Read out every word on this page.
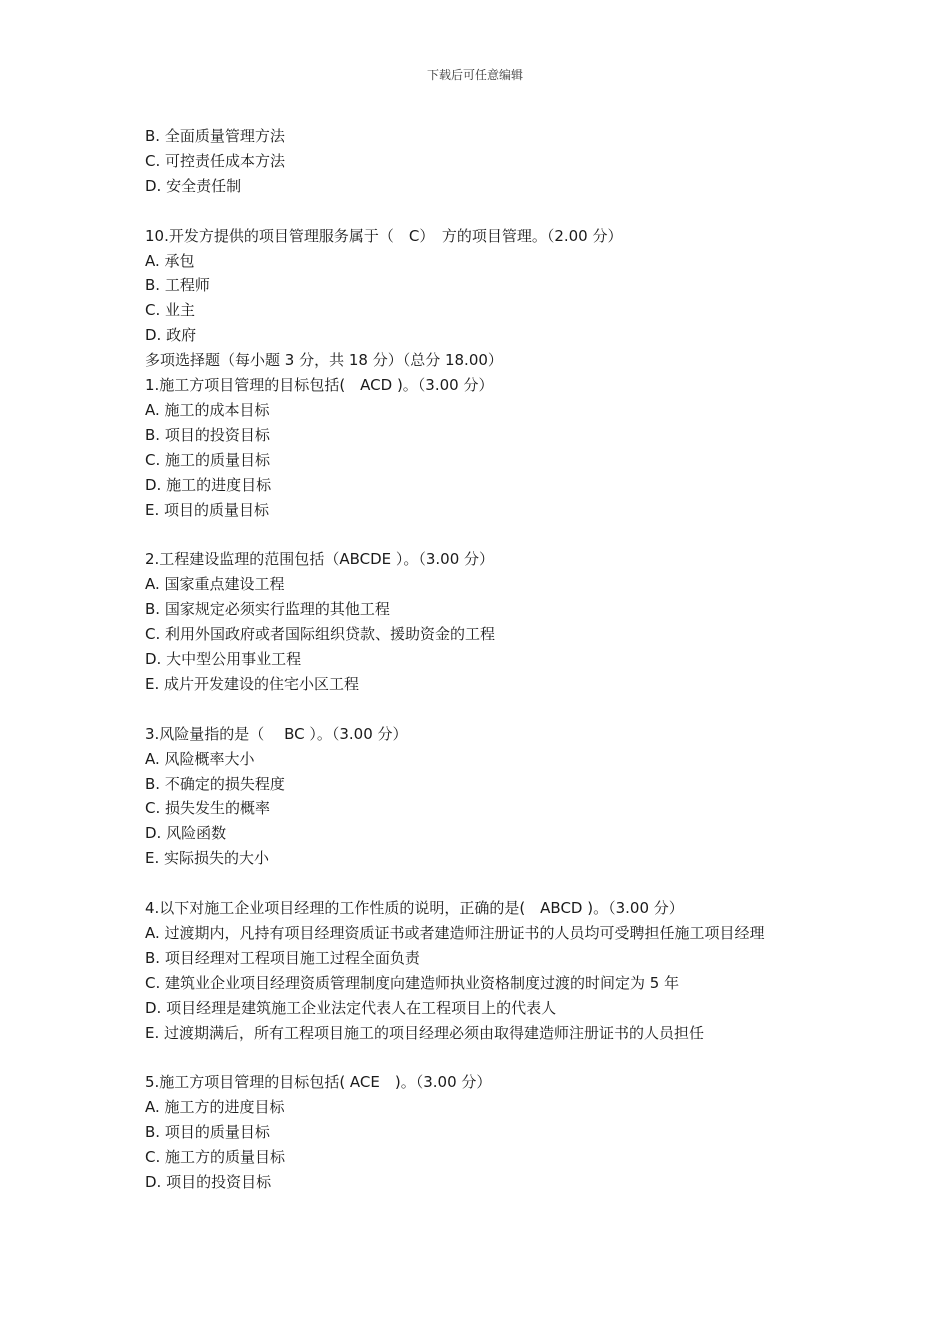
下载后可任意编辑
B. 全面质量管理方法
C. 可控责任成本方法
D. 安全责任制
10.开发方提供的项目管理服务属于（　C）　方的项目管理。（2.00 分）
A. 承包
B. 工程师
C. 业主
D. 政府
多项选择题（每小题 3 分，共 18 分）（总分 18.00）
1.施工方项目管理的目标包括(　ACD )。（3.00 分）
A. 施工的成本目标
B. 项目的投资目标
C. 施工的质量目标
D. 施工的进度目标
E. 项目的质量目标
2.工程建设监理的范围包括（ABCDE ）。（3.00 分）
A. 国家重点建设工程
B. 国家规定必须实行监理的其他工程
C. 利用外国政府或者国际组织贷款、援助资金的工程
D. 大中型公用事业工程
E. 成片开发建设的住宅小区工程
3.风险量指的是（　 BC ）。（3.00 分）
A. 风险概率大小
B. 不确定的损失程度
C. 损失发生的概率
D. 风险函数
E. 实际损失的大小
4.以下对施工企业项目经理的工作性质的说明，正确的是(　ABCD )。（3.00 分）
A. 过渡期内，凡持有项目经理资质证书或者建造师注册证书的人员均可受聘担任施工项目经理
B. 项目经理对工程项目施工过程全面负责
C. 建筑业企业项目经理资质管理制度向建造师执业资格制度过渡的时间定为 5 年
D. 项目经理是建筑施工企业法定代表人在工程项目上的代表人
E. 过渡期满后，所有工程项目施工的项目经理必须由取得建造师注册证书的人员担任
5.施工方项目管理的目标包括( ACE　)。（3.00 分）
A. 施工方的进度目标
B. 项目的质量目标
C. 施工方的质量目标
D. 项目的投资目标
